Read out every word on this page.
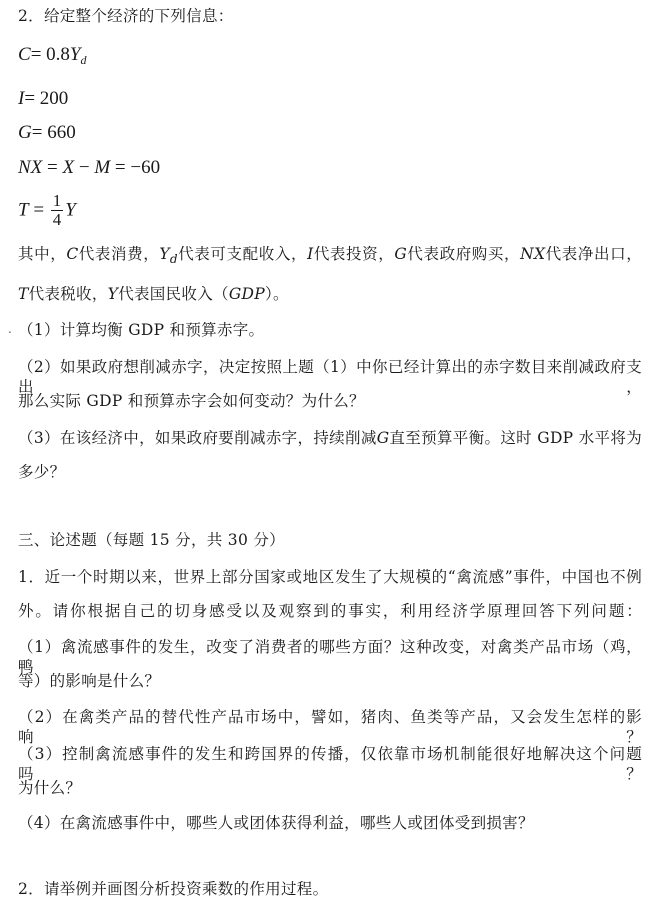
2．给定整个经济的下列信息：
$C= 0.8Y_d$
I= 200
G= 660
NX = X − M = −60
$T = \frac{1}{4}$ Y
其中，C代表消费，$Y_d$代表可支配收入，I代表投资，G代表政府购买，NX代表净出口，
T代表税收，Y代表国民收入（GDP）。
. （1）计算均衡 GDP 和预算赤字。
（2）如果政府想削减赤字，决定按照上题（1）中你已经计算出的赤字数目来削减政府支出，
那么实际 GDP 和预算赤字会如何变动？为什么？
（3）在该经济中，如果政府要削减赤字，持续削减G直至预算平衡。这时 GDP 水平将为
多少？
三、论述题（每题 15 分，共 30 分）
1．近一个时期以来，世界上部分国家或地区发生了大规模的“禽流感”事件，中国也不例
外。请你根据自己的切身感受以及观察到的事实，利用经济学原理回答下列问题：
（1）禽流感事件的发生，改变了消费者的哪些方面？这种改变，对禽类产品市场（鸡，鸭
等）的影响是什么？
（2）在禽类产品的替代性产品市场中，譬如，猪肉、鱼类等产品，又会发生怎样的影响？
（3）控制禽流感事件的发生和跨国界的传播，仅依靠市场机制能很好地解决这个问题吗？
为什么？
（4）在禽流感事件中，哪些人或团体获得利益，哪些人或团体受到损害？
2．请举例并画图分析投资乘数的作用过程。
